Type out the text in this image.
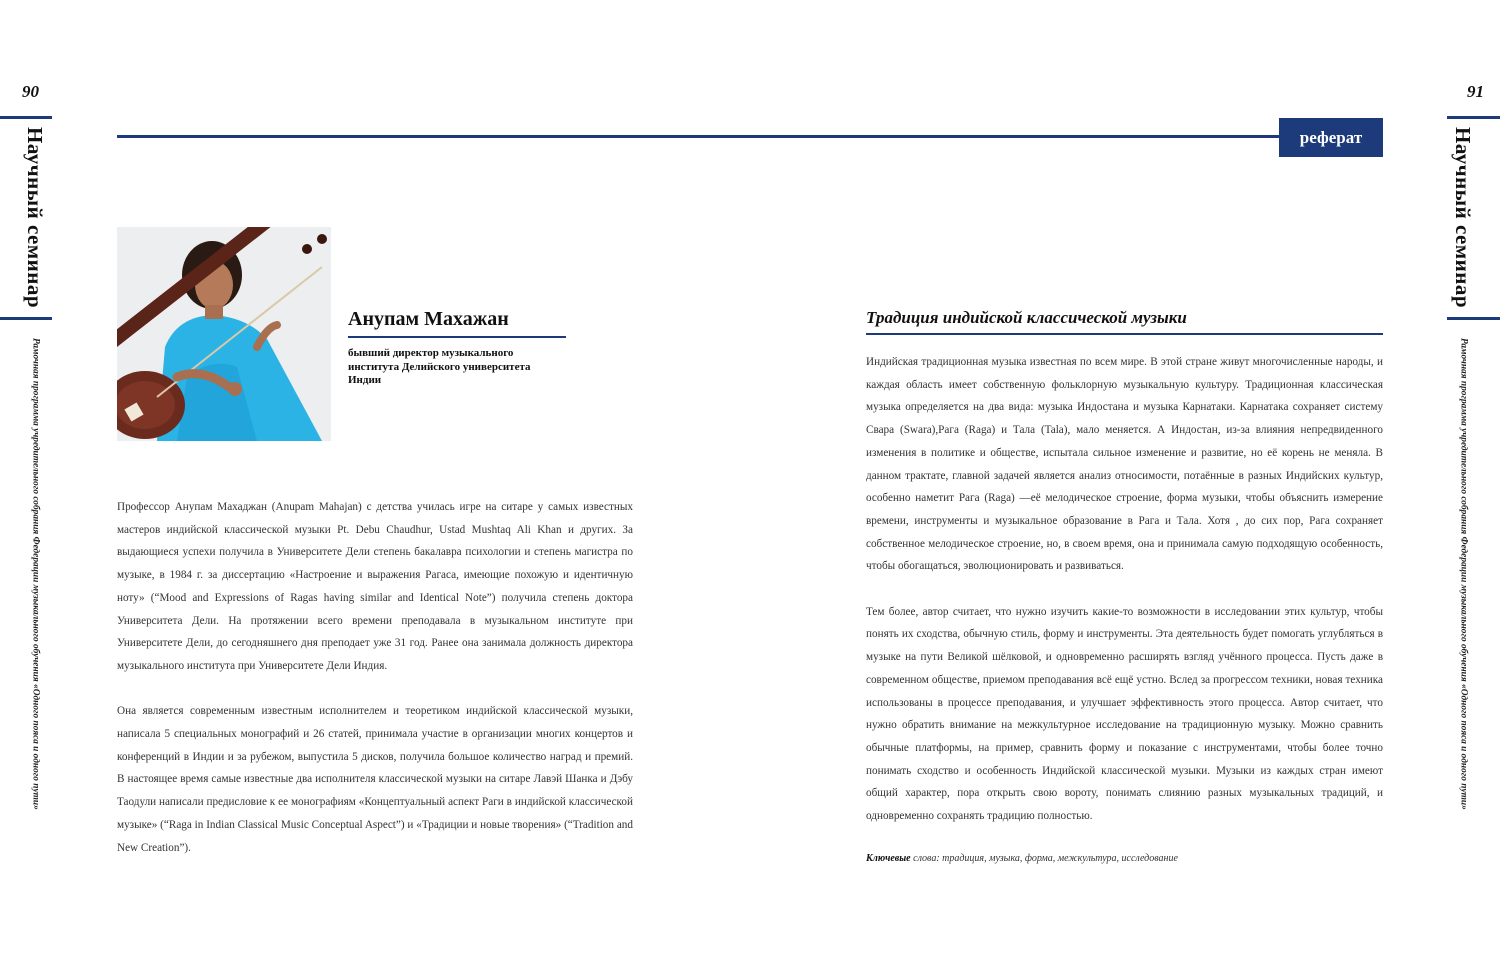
90
Научный семинар
Рамочная программа учредительного собрания Федерации музыкального обучения «Одного пояса и одного пути»
91
Научный семинар
Рамочная программа учредительного собрания Федерации музыкального обучения «Одного пояса и одного пути»
реферат
Анупам Махажан
бывший директор музыкального института Делийского университета Индии

Профессор Анупам Махаджан (Anupam Mahajan) с детства училась игре на ситаре у самых известных мастеров индийской классической музыки Pt. Debu Chaudhur, Ustad Mushtaq Ali Khan и других. За выдающиеся успехи получила в Университете Дели степень бакалавра психологии и степень магистра по музыке, в 1984 г. за диссертацию «Настроение и выражения Рагаса, имеющие похожую и идентичную ноту» (“Mood and Expressions of Ragas having similar and Identical Note”) получила степень доктора Университета Дели. На протяжении всего времени преподавала в музыкальном институте при Университете Дели, до сегодняшнего дня преподает уже 31 год. Ранее она занимала должность директора музыкального института при Университете Дели Индия.

Она является современным известным исполнителем и теоретиком индийской классической музыки, написала 5 специальных монографий и 26 статей, принимала участие в организации многих концертов и конференций в Индии и за рубежом, выпустила 5 дисков, получила большое количество наград и премий. В настоящее время самые известные два исполнителя классической музыки на ситаре Лавэй Шанка и Дэбу Таодули написали предисловие к ее монографиям «Концептуальный аспект Раги в индийской классической музыке» (“Raga in Indian Classical Music Conceptual Aspect”) и «Традиции и новые творения» (“Tradition and New Creation”).

Традиция индийской классической музыки

Индийская традиционная музыка известная по всем мире. В этой стране живут многочисленные народы, и каждая область имеет собственную фольклорную музыкальную культуру. Традиционная классическая музыка определяется на два вида: музыка Индостана и музыка Карнатаки. Карнатака сохраняет систему Свара (Swara),Рага (Raga) и Тала (Tala), мало меняется. А Индостан, из-за влияния непредвиденного изменения в политике и обществе, испытала сильное изменение и развитие, но её корень не меняла. В данном трактате, главной задачей является анализ относимости, потаённые в разных Индийских культур, особенно наметит Рага (Raga) —её мелодическое строение, форма музыки, чтобы объяснить измерение времени, инструменты и музыкальное образование в Рага и Тала. Хотя , до сих пор, Рага сохраняет собственное мелодическое строение, но, в своем время, она и принимала самую подходящую особенность, чтобы обогащаться, эволюционировать и развиваться.

Тем более, автор считает, что нужно изучить какие-то возможности в исследовании этих культур, чтобы понять их сходства, обычную стиль, форму и инструменты. Эта деятельность будет помогать углубляться в музыке на пути Великой шёлковой, и одновременно расширять взгляд учённого процесса. Пусть даже в современном обществе, приемом преподавания всё ещё устно. Вслед за прогрессом техники, новая техника использованы в процессе преподавания, и улучшает эффективность этого процесса. Автор считает, что нужно обратить внимание на межкультурное исследование на традиционную музыку. Можно сравнить обычные платформы, на пример, сравнить форму и показание с инструментами, чтобы более точно понимать сходство и особенность Индийской классической музыки. Музыки из каждых стран имеют общий характер, пора открыть свою вороту, понимать слиянию разных музыкальных традиций, и одновременно сохранять традицию полностью.

Ключевые слова: традиция, музыка, форма, межкультура, исследование
